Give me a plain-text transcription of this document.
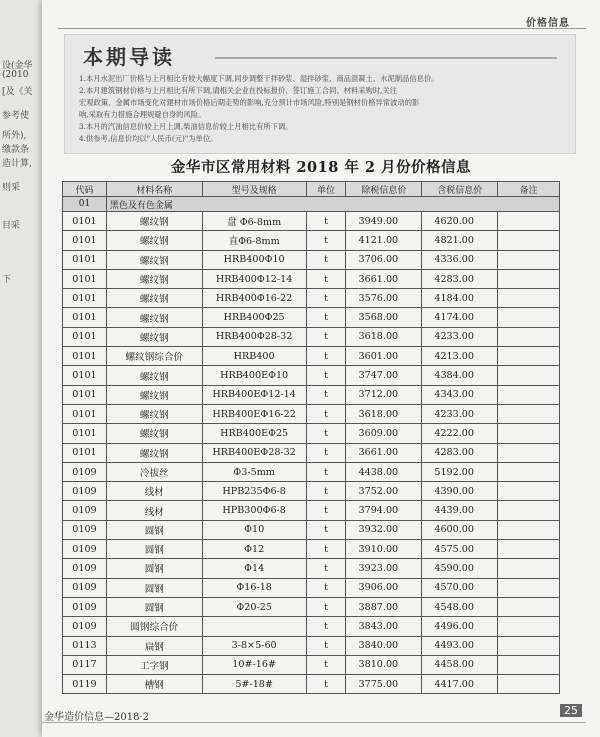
设(金华
(2010
[及《关
参考使
所外),
缴款条
造计算,
则采
目采
下
价格信息
本期导读
1.本月水泥出厂价格与上月相比有较大幅度下调,同步调整干拌砂浆、湿拌砂浆、商品混凝土、水泥制品信息价。
2.本月建筑钢材价格与上月相比有所下调,请相关企业在投标报价、签订施工合同、材料采购时,关注
宏观政策、金属市场变化对建材市场价格后期走势的影响,充分预计市场风险,特别是钢材价格异常波动的影
响,采取有力措施合理规避自身的风险。
3.本月的汽油信息价较上月上调,柴油信息价较上月相比有所下调。
4.供参考,信息价均以"人民币(元)"为单位。
金华市区常用材料 2018 年 2 月份价格信息
代码	材料名称	型号及规格	单位	除税信息价	含税信息价	备注
01	黑色及有色金属					
0101	螺纹钢	盘 Φ6-8mm	t	3949.00	4620.00	
0101	螺纹钢	直Φ6-8mm	t	4121.00	4821.00	
0101	螺纹钢	HRB400Φ10	t	3706.00	4336.00	
0101	螺纹钢	HRB400Φ12-14	t	3661.00	4283.00	
0101	螺纹钢	HRB400Φ16-22	t	3576.00	4184.00	
0101	螺纹钢	HRB400Φ25	t	3568.00	4174.00	
0101	螺纹钢	HRB400Φ28-32	t	3618.00	4233.00	
0101	螺纹钢综合价	HRB400	t	3601.00	4213.00	
0101	螺纹钢	HRB400EΦ10	t	3747.00	4384.00	
0101	螺纹钢	HRB400EΦ12-14	t	3712.00	4343.00	
0101	螺纹钢	HRB400EΦ16-22	t	3618.00	4233.00	
0101	螺纹钢	HRB400EΦ25	t	3609.00	4222.00	
0101	螺纹钢	HRB400EΦ28-32	t	3661.00	4283.00	
0109	冷拔丝	Φ3-5mm	t	4438.00	5192.00	
0109	线材	HPB235Φ6-8	t	3752.00	4390.00	
0109	线材	HPB300Φ6-8	t	3794.00	4439.00	
0109	圆钢	Φ10	t	3932.00	4600.00	
0109	圆钢	Φ12	t	3910.00	4575.00	
0109	圆钢	Φ14	t	3923.00	4590.00	
0109	圆钢	Φ16-18	t	3906.00	4570.00	
0109	圆钢	Φ20-25	t	3887.00	4548.00	
0109	圆钢综合价		t	3843.00	4496.00	
0113	扁钢	3-8×5-60	t	3840.00	4493.00	
0117	工字钢	10#-16#	t	3810.00	4458.00	
0119	槽钢	5#-18#	t	3775.00	4417.00	
金华造价信息—2018·2
25
